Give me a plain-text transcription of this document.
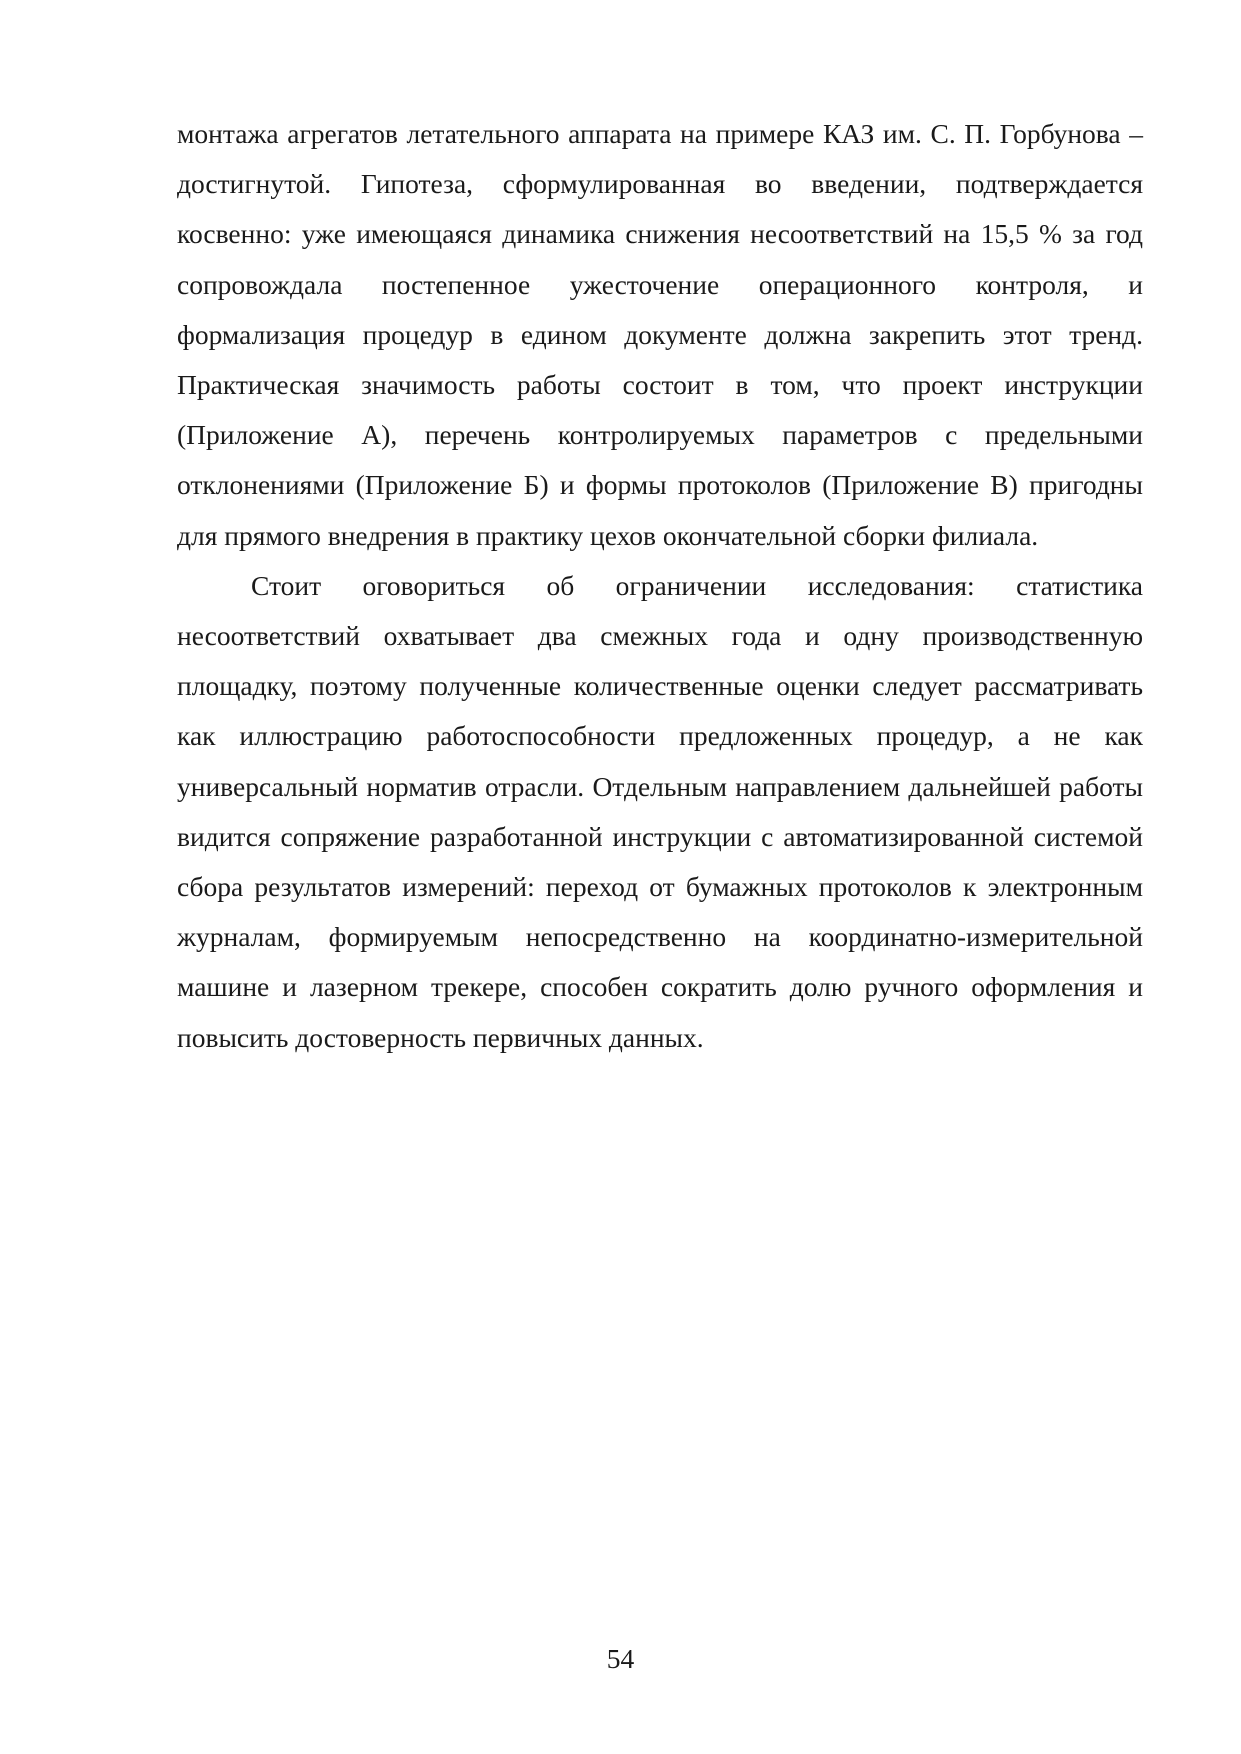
монтажа агрегатов летательного аппарата на примере КАЗ им. С. П. Горбунова – достигнутой. Гипотеза, сформулированная во введении, подтверждается косвенно: уже имеющаяся динамика снижения несоответствий на 15,5 % за год сопровождала постепенное ужесточение операционного контроля, и формализация процедур в едином документе должна закрепить этот тренд. Практическая значимость работы состоит в том, что проект инструкции (Приложение А), перечень контролируемых параметров с предельными отклонениями (Приложение Б) и формы протоколов (Приложение В) пригодны для прямого внедрения в практику цехов окончательной сборки филиала.

Стоит оговориться об ограничении исследования: статистика несоответствий охватывает два смежных года и одну производственную площадку, поэтому полученные количественные оценки следует рассматривать как иллюстрацию работоспособности предложенных процедур, а не как универсальный норматив отрасли. Отдельным направлением дальнейшей работы видится сопряжение разработанной инструкции с автоматизированной системой сбора результатов измерений: переход от бумажных протоколов к электронным журналам, формируемым непосредственно на координатно-измерительной машине и лазерном трекере, способен сократить долю ручного оформления и повысить достоверность первичных данных.

54
